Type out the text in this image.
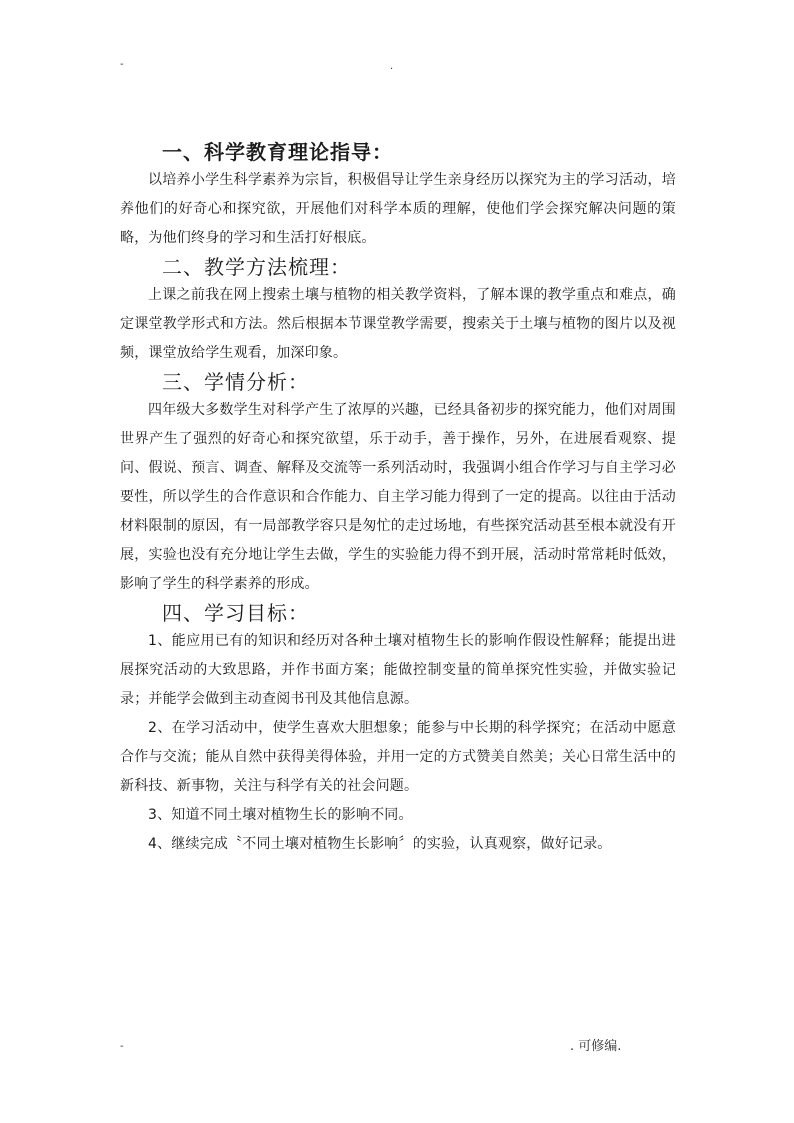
-	.
一、科学教育理论指导：

以培养小学生科学素养为宗旨，积极倡导让学生亲身经历以探究为主的学习活动，培养他们的好奇心和探究欲，开展他们对科学本质的理解，使他们学会探究解决问题的策略，为他们终身的学习和生活打好根底。

二、教学方法梳理：

上课之前我在网上搜索土壤与植物的相关教学资料，了解本课的教学重点和难点，确定课堂教学形式和方法。然后根据本节课堂教学需要，搜索关于土壤与植物的图片以及视频，课堂放给学生观看，加深印象。

三、学情分析：

四年级大多数学生对科学产生了浓厚的兴趣，已经具备初步的探究能力，他们对周围世界产生了强烈的好奇心和探究欲望，乐于动手，善于操作，另外，在进展看观察、提问、假说、预言、调查、解释及交流等一系列活动时，我强调小组合作学习与自主学习必要性，所以学生的合作意识和合作能力、自主学习能力得到了一定的提高。以往由于活动材料限制的原因，有一局部教学容只是匆忙的走过场地，有些探究活动甚至根本就没有开展，实验也没有充分地让学生去做，学生的实验能力得不到开展，活动时常常耗时低效，影响了学生的科学素养的形成。

四、学习目标：

1、能应用已有的知识和经历对各种土壤对植物生长的影响作假设性解释；能提出进展探究活动的大致思路，并作书面方案；能做控制变量的简单探究性实验，并做实验记录；并能学会做到主动查阅书刊及其他信息源。

2、在学习活动中，使学生喜欢大胆想象；能参与中长期的科学探究；在活动中愿意合作与交流；能从自然中获得美得体验，并用一定的方式赞美自然美；关心日常生活中的新科技、新事物，关注与科学有关的社会问题。

3、知道不同土壤对植物生长的影响不同。

4、继续完成〝不同土壤对植物生长影响〞的实验，认真观察，做好记录。

-	. 可修编.
